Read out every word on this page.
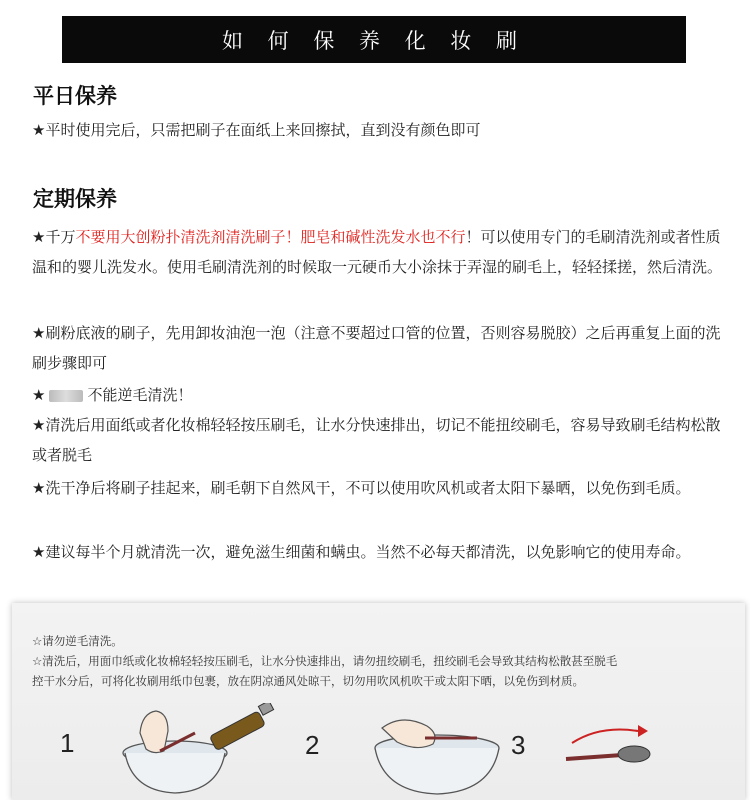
如 何 保 养 化 妆 刷
平日保养
★平时使用完后，只需把刷子在面纸上来回擦拭，直到没有颜色即可
定期保养
★千万不要用大创粉扑清洗剂清洗刷子！肥皂和碱性洗发水也不行！可以使用专门的毛刷清洗剂或者性质温和的婴儿洗发水。使用毛刷清洗剂的时候取一元硬币大小涂抹于弄湿的刷毛上，轻轻揉搓，然后清洗。
★刷粉底液的刷子，先用卸妆油泡一泡（注意不要超过口管的位置，否则容易脱胶）之后再重复上面的洗刷步骤即可
★	不能逆毛清洗！
★清洗后用面纸或者化妆棉轻轻按压刷毛，让水分快速排出，切记不能扭绞刷毛，容易导致刷毛结构松散或者脱毛
★洗干净后将刷子挂起来，刷毛朝下自然风干，不可以使用吹风机或者太阳下暴晒，以免伤到毛质。
★建议每半个月就清洗一次，避免滋生细菌和螨虫。当然不必每天都清洗，以免影响它的使用寿命。
☆请勿逆毛清洗。
☆清洗后，用面巾纸或化妆棉轻轻按压刷毛，让水分快速排出，请勿扭绞刷毛，扭绞刷毛会导致其结构松散甚至脱毛
控干水分后，可将化妆刷用纸巾包裹，放在阴凉通风处晾干，切勿用吹风机吹干或太阳下晒，以免伤到材质。
1	2	3
